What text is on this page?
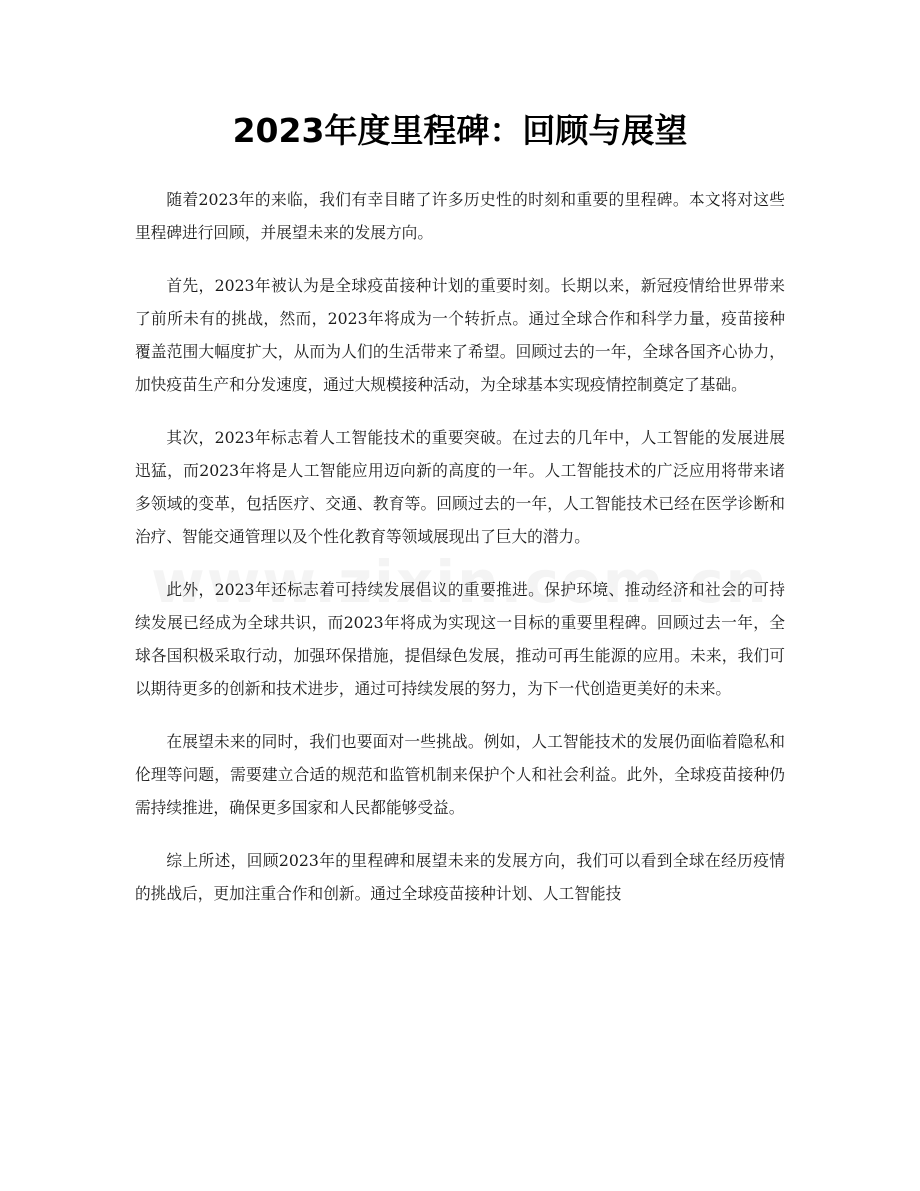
2023年度里程碑：回顾与展望

随着2023年的来临，我们有幸目睹了许多历史性的时刻和重要的里程碑。本文将对这些里程碑进行回顾，并展望未来的发展方向。

首先，2023年被认为是全球疫苗接种计划的重要时刻。长期以来，新冠疫情给世界带来了前所未有的挑战，然而，2023年将成为一个转折点。通过全球合作和科学力量，疫苗接种覆盖范围大幅度扩大，从而为人们的生活带来了希望。回顾过去的一年，全球各国齐心协力，加快疫苗生产和分发速度，通过大规模接种活动，为全球基本实现疫情控制奠定了基础。

其次，2023年标志着人工智能技术的重要突破。在过去的几年中，人工智能的发展进展迅猛，而2023年将是人工智能应用迈向新的高度的一年。人工智能技术的广泛应用将带来诸多领域的变革，包括医疗、交通、教育等。回顾过去的一年，人工智能技术已经在医学诊断和治疗、智能交通管理以及个性化教育等领域展现出了巨大的潜力。

此外，2023年还标志着可持续发展倡议的重要推进。保护环境、推动经济和社会的可持续发展已经成为全球共识，而2023年将成为实现这一目标的重要里程碑。回顾过去一年，全球各国积极采取行动，加强环保措施，提倡绿色发展，推动可再生能源的应用。未来，我们可以期待更多的创新和技术进步，通过可持续发展的努力，为下一代创造更美好的未来。

在展望未来的同时，我们也要面对一些挑战。例如，人工智能技术的发展仍面临着隐私和伦理等问题，需要建立合适的规范和监管机制来保护个人和社会利益。此外，全球疫苗接种仍需持续推进，确保更多国家和人民都能够受益。

综上所述，回顾2023年的里程碑和展望未来的发展方向，我们可以看到全球在经历疫情的挑战后，更加注重合作和创新。通过全球疫苗接种计划、人工智能技
